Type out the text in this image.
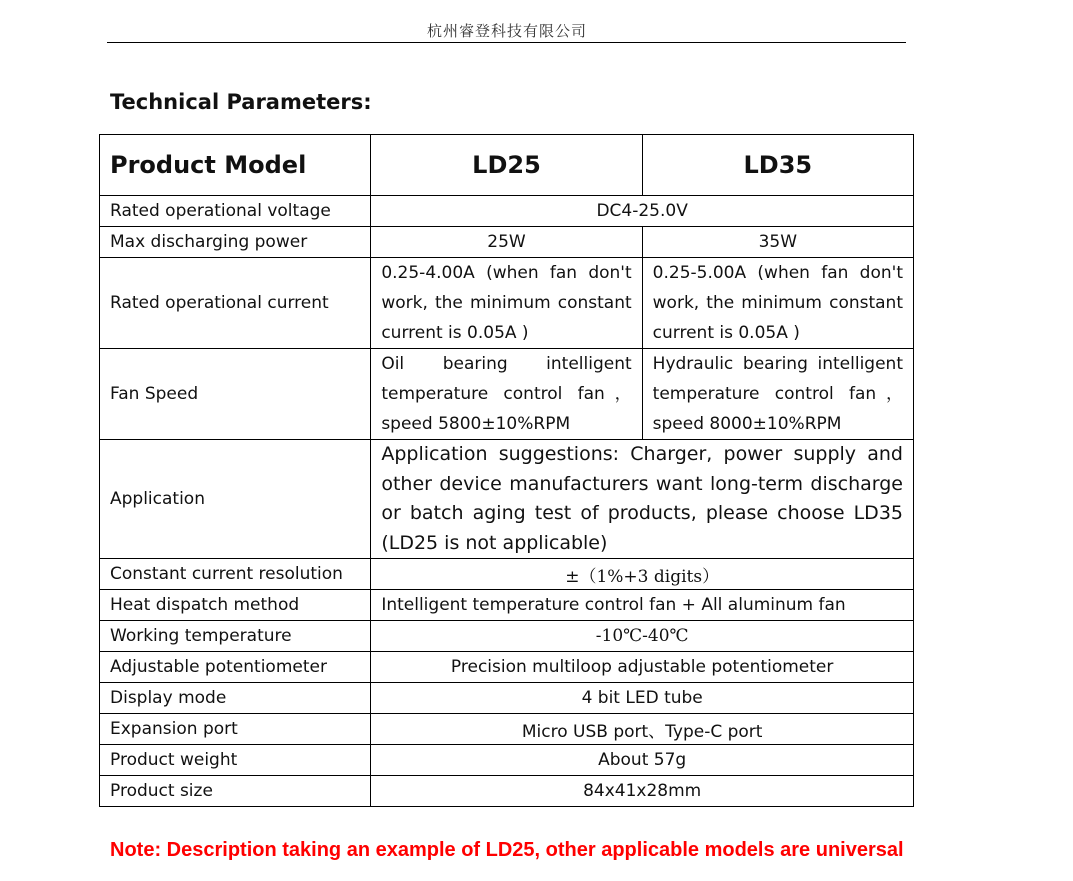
杭州睿登科技有限公司
Technical Parameters:
Product Model	LD25	LD35
Rated operational voltage	DC4-25.0V	
Max discharging power	25W	35W
Rated operational current	0.25-4.00A (when fan don't work, the minimum constant current is 0.05A )	0.25-5.00A (when fan don't work, the minimum constant current is 0.05A )
Fan Speed	Oil bearing intelligent temperature control fan，speed 5800±10%RPM	Hydraulic bearing intelligent temperature control fan，speed 8000±10%RPM
Application	Application suggestions: Charger, power supply and other device manufacturers want long-term discharge or batch aging test of products, please choose LD35 (LD25 is not applicable)	
Constant current resolution	±（1%+3 digits）	
Heat dispatch method	Intelligent temperature control fan + All aluminum fan	
Working temperature	-10℃-40℃	
Adjustable potentiometer	Precision multiloop adjustable potentiometer	
Display mode	4 bit LED tube	
Expansion port	Micro USB port、Type-C port	
Product weight	About 57g	
Product size	84x41x28mm	
Note: Description taking an example of LD25, other applicable models are universal
